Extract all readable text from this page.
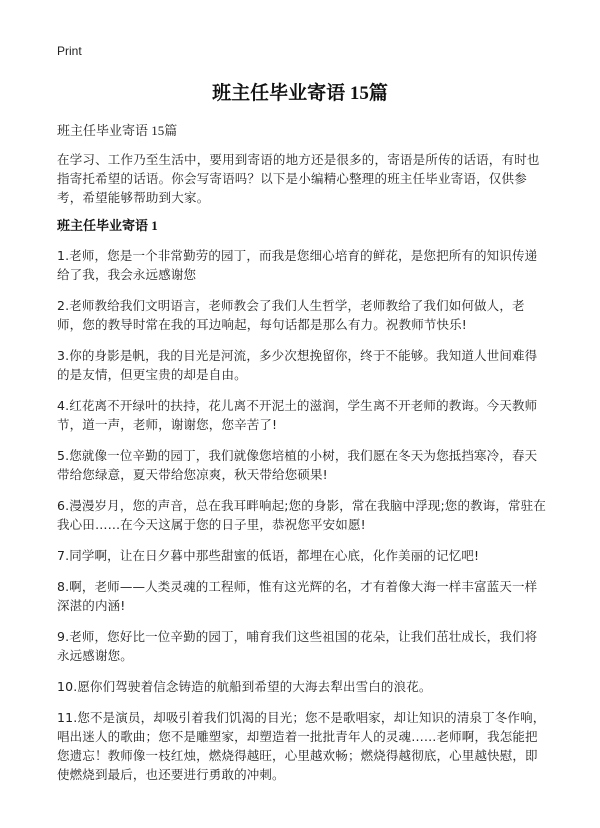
Print
班主任毕业寄语 15篇
班主任毕业寄语 15篇
在学习、工作乃至生活中，要用到寄语的地方还是很多的，寄语是所传的话语，有时也指寄托希望的话语。你会写寄语吗？以下是小编精心整理的班主任毕业寄语，仅供参考，希望能够帮助到大家。
班主任毕业寄语 1

1.老师，您是一个非常勤劳的园丁，而我是您细心培育的鲜花，是您把所有的知识传递给了我，我会永远感谢您

2.老师教给我们文明语言，老师教会了我们人生哲学，老师教给了我们如何做人，老师，您的教导时常在我的耳边响起，每句话都是那么有力。祝教师节快乐!

3.你的身影是帆，我的目光是河流，多少次想挽留你，终于不能够。我知道人世间难得的是友情，但更宝贵的却是自由。

4.红花离不开绿叶的扶持，花儿离不开泥土的滋润，学生离不开老师的教诲。今天教师节，道一声，老师，谢谢您，您辛苦了!

5.您就像一位辛勤的园丁，我们就像您培植的小树，我们愿在冬天为您抵挡寒冷，春天带给您绿意，夏天带给您凉爽，秋天带给您硕果!

6.漫漫岁月，您的声音，总在我耳畔响起;您的身影，常在我脑中浮现;您的教诲，常驻在我心田……在今天这属于您的日子里，恭祝您平安如愿!

7.同学啊，让在日夕暮中那些甜蜜的低语，都埋在心底，化作美丽的记忆吧!

8.啊，老师——人类灵魂的工程师，惟有这光辉的名，才有着像大海一样丰富蓝天一样深湛的内涵!

9.老师，您好比一位辛勤的园丁，哺育我们这些祖国的花朵，让我们茁壮成长，我们将永远感谢您。

10.愿你们驾驶着信念铸造的航船到希望的大海去犁出雪白的浪花。

11.您不是演员，却吸引着我们饥渴的目光；您不是歌唱家，却让知识的清泉丁冬作响，唱出迷人的歌曲；您不是雕塑家，却塑造着一批批青年人的灵魂……老师啊，我怎能把您遗忘！教师像一枝红烛，燃烧得越旺，心里越欢畅；燃烧得越彻底，心里越快慰，即使燃烧到最后，也还要进行勇敢的冲刺。
